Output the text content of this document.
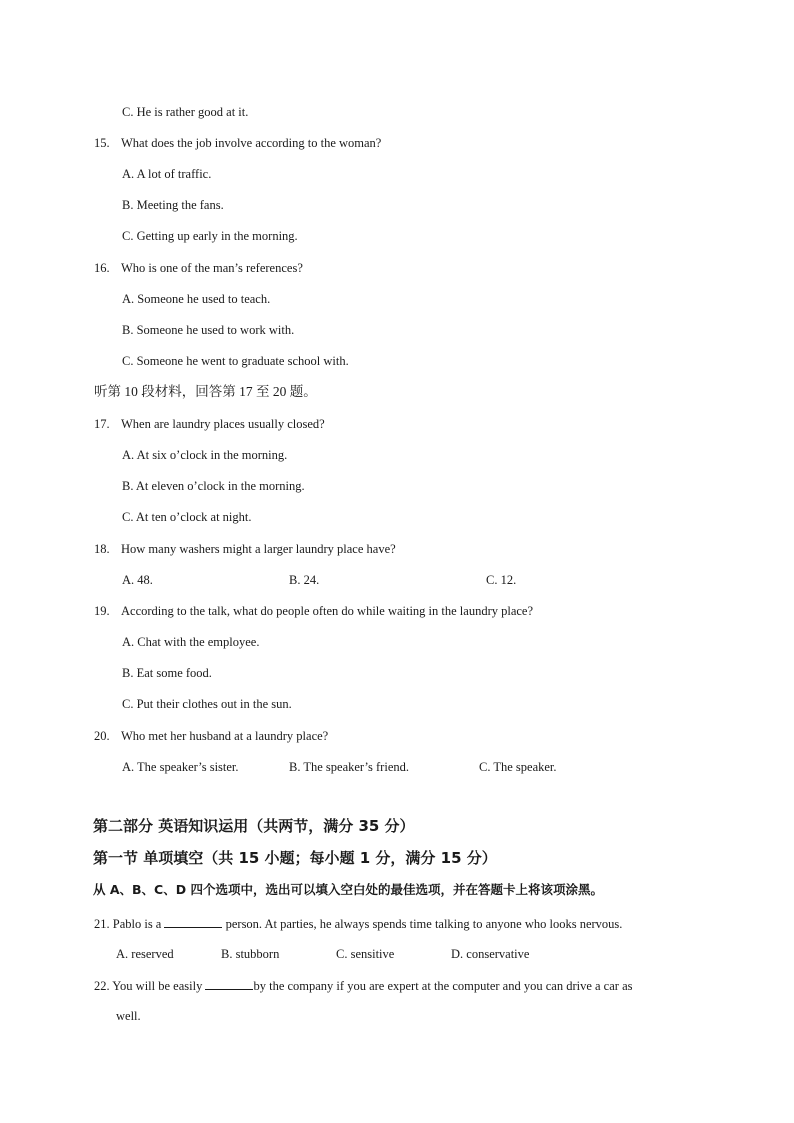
C. He is rather good at it.
15. What does the job involve according to the woman?
A. A lot of traffic.
B. Meeting the fans.
C. Getting up early in the morning.
16. Who is one of the man’s references?
A. Someone he used to teach.
B. Someone he used to work with.
C. Someone he went to graduate school with.
听第 10 段材料，回答第 17 至 20 题。
17. When are laundry places usually closed?
A. At six o’clock in the morning.
B. At eleven o’clock in the morning.
C. At ten o’clock at night.
18. How many washers might a larger laundry place have?
A. 48.	B. 24.	C. 12.
19. According to the talk, what do people often do while waiting in the laundry place?
A. Chat with the employee.
B. Eat some food.
C. Put their clothes out in the sun.
20. Who met her husband at a laundry place?
A. The speaker’s sister.	B. The speaker’s friend.	C. The speaker.
第二部分 英语知识运用（共两节，满分 35 分）
第一节 单项填空（共 15 小题；每小题 1 分，满分 15 分）
从 A、B、C、D 四个选项中，选出可以填入空白处的最佳选项，并在答题卡上将该项涂黑。
21. Pablo is a	person. At parties, he always spends time talking to anyone who looks nervous.
A. reserved	B. stubborn	C. sensitive	D. conservative
22. You will be easily	by the company if you are expert at the computer and you can drive a car as
well.
